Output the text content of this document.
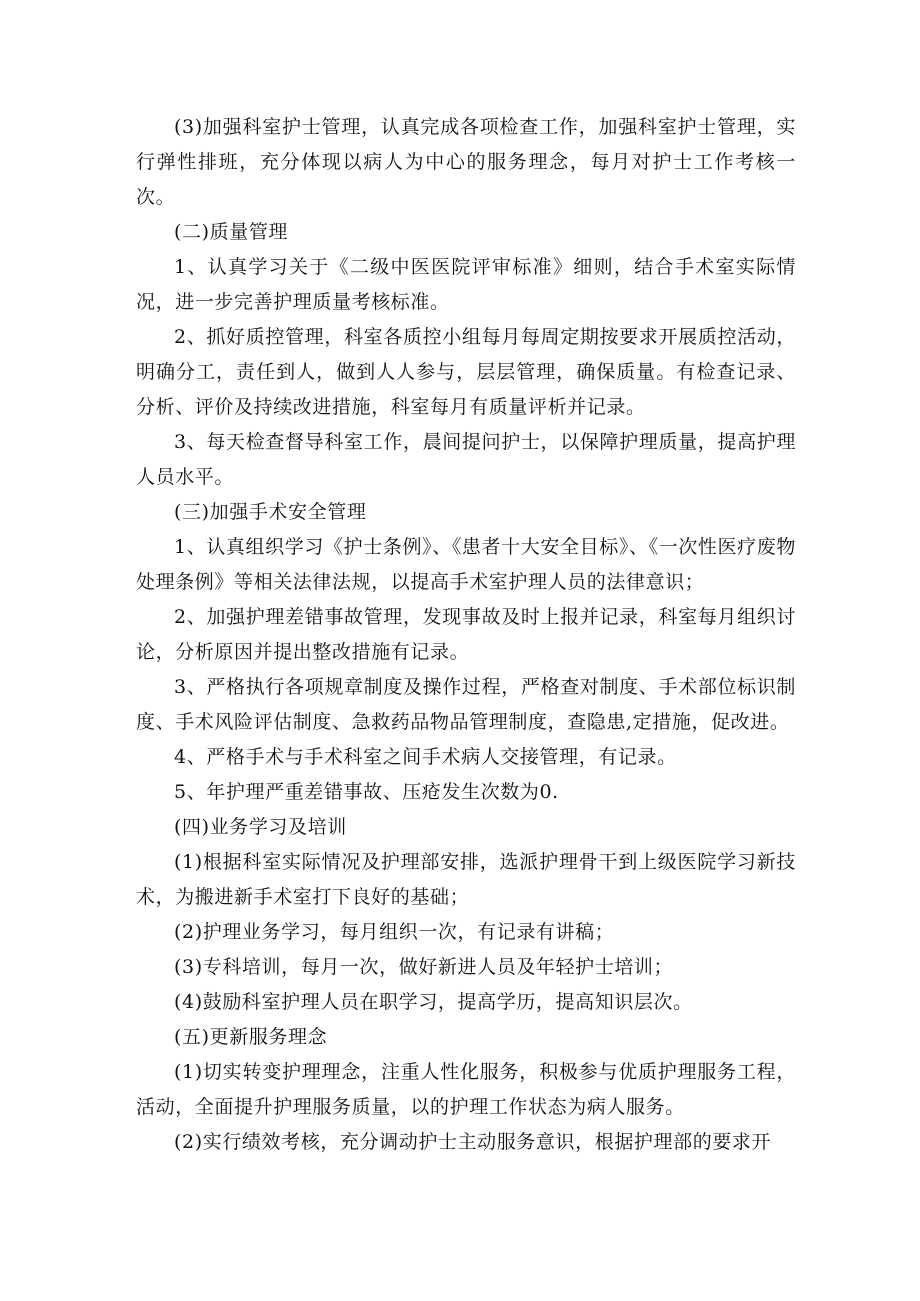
(3)加强科室护士管理，认真完成各项检查工作，加强科室护士管理，实行弹性排班，充分体现以病人为中心的服务理念，每月对护士工作考核一次。

(二)质量管理

1、认真学习关于《二级中医医院评审标准》细则，结合手术室实际情况，进一步完善护理质量考核标准。

2、抓好质控管理，科室各质控小组每月每周定期按要求开展质控活动，明确分工，责任到人，做到人人参与，层层管理，确保质量。有检查记录、分析、评价及持续改进措施，科室每月有质量评析并记录。

3、每天检查督导科室工作，晨间提问护士，以保障护理质量，提高护理人员水平。

(三)加强手术安全管理

1、认真组织学习《护士条例》、《患者十大安全目标》、《一次性医疗废物处理条例》等相关法律法规，以提高手术室护理人员的法律意识；

2、加强护理差错事故管理，发现事故及时上报并记录，科室每月组织讨论，分析原因并提出整改措施有记录。

3、严格执行各项规章制度及操作过程，严格查对制度、手术部位标识制度、手术风险评估制度、急救药品物品管理制度，查隐患,定措施，促改进。

4、严格手术与手术科室之间手术病人交接管理，有记录。

5、年护理严重差错事故、压疮发生次数为0.

(四)业务学习及培训

(1)根据科室实际情况及护理部安排，选派护理骨干到上级医院学习新技术，为搬进新手术室打下良好的基础；

(2)护理业务学习，每月组织一次，有记录有讲稿；

(3)专科培训，每月一次，做好新进人员及年轻护士培训；

(4)鼓励科室护理人员在职学习，提高学历，提高知识层次。

(五)更新服务理念

(1)切实转变护理理念，注重人性化服务，积极参与优质护理服务工程，活动，全面提升护理服务质量，以的护理工作状态为病人服务。

(2)实行绩效考核，充分调动护士主动服务意识，根据护理部的要求开
